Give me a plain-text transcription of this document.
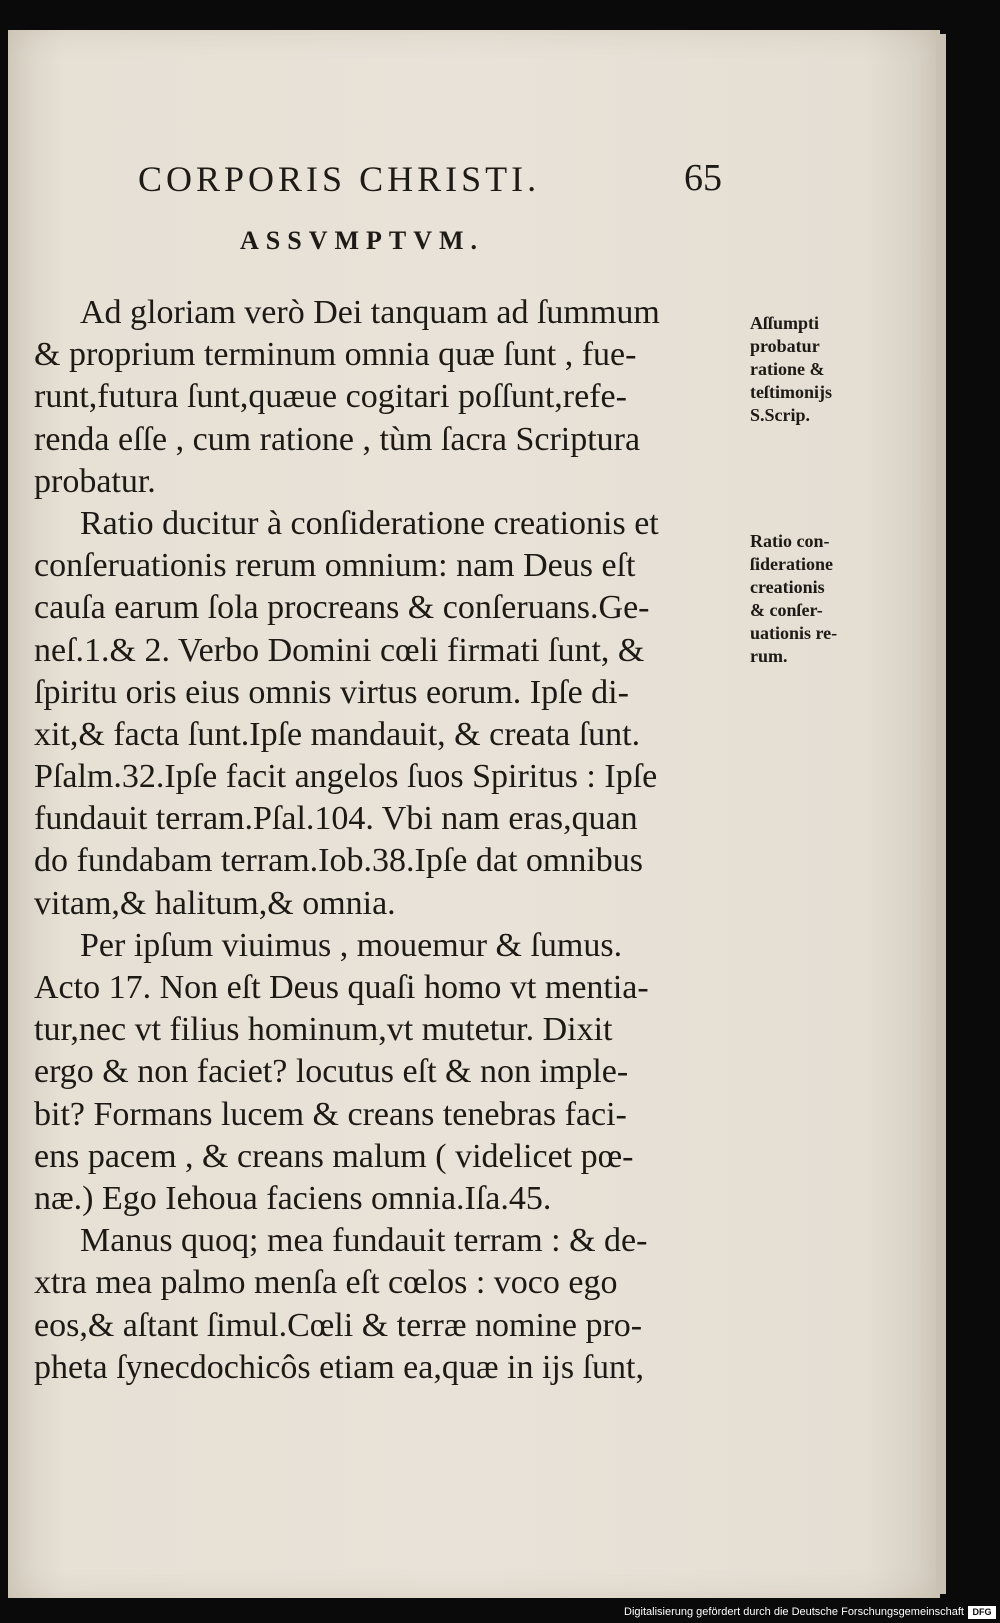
CORPORIS CHRISTI.	65
ASSVMPTVM.
Ad gloriam verò Dei tanquam ad ſummum
& proprium terminum omnia quæ ſunt , fue-
runt,futura ſunt,quæue cogitari poſſunt,refe-
renda eſſe , cum ratione , tùm ſacra Scriptura
probatur.
Ratio ducitur à conſideratione creationis et
conſeruationis rerum omnium: nam Deus eſt
cauſa earum ſola procreans & conſeruans.Ge-
neſ.1.& 2. Verbo Domini cœli firmati ſunt, &
ſpiritu oris eius omnis virtus eorum. Ipſe di-
xit,& facta ſunt.Ipſe mandauit, & creata ſunt.
Pſalm.32.Ipſe facit angelos ſuos Spiritus : Ipſe
fundauit terram.Pſal.104. Vbi nam eras,quan
do fundabam terram.Iob.38.Ipſe dat omnibus
vitam,& halitum,& omnia.
Per ipſum viuimus , mouemur & ſumus.
Acto 17. Non eſt Deus quaſi homo vt mentia-
tur,nec vt filius hominum,vt mutetur. Dixit
ergo & non faciet? locutus eſt & non imple-
bit? Formans lucem & creans tenebras faci-
ens pacem , & creans malum ( videlicet pœ-
næ.) Ego Iehoua faciens omnia.Iſa.45.
Manus quoq; mea fundauit terram : & de-
xtra mea palmo menſa eſt cœlos : voco ego
eos,& aſtant ſimul.Cœli & terræ nomine pro-
pheta ſynecdochicôs etiam ea,quæ in ijs ſunt,
Aſſumpti
probatur
ratione &
teſtimonijs
S.Scrip.
Ratio con-
ſideratione
creationis
& conſer-
uationis re-
rum.
Digitalisierung gefördert durch die Deutsche Forschungsgemeinschaft DFG
